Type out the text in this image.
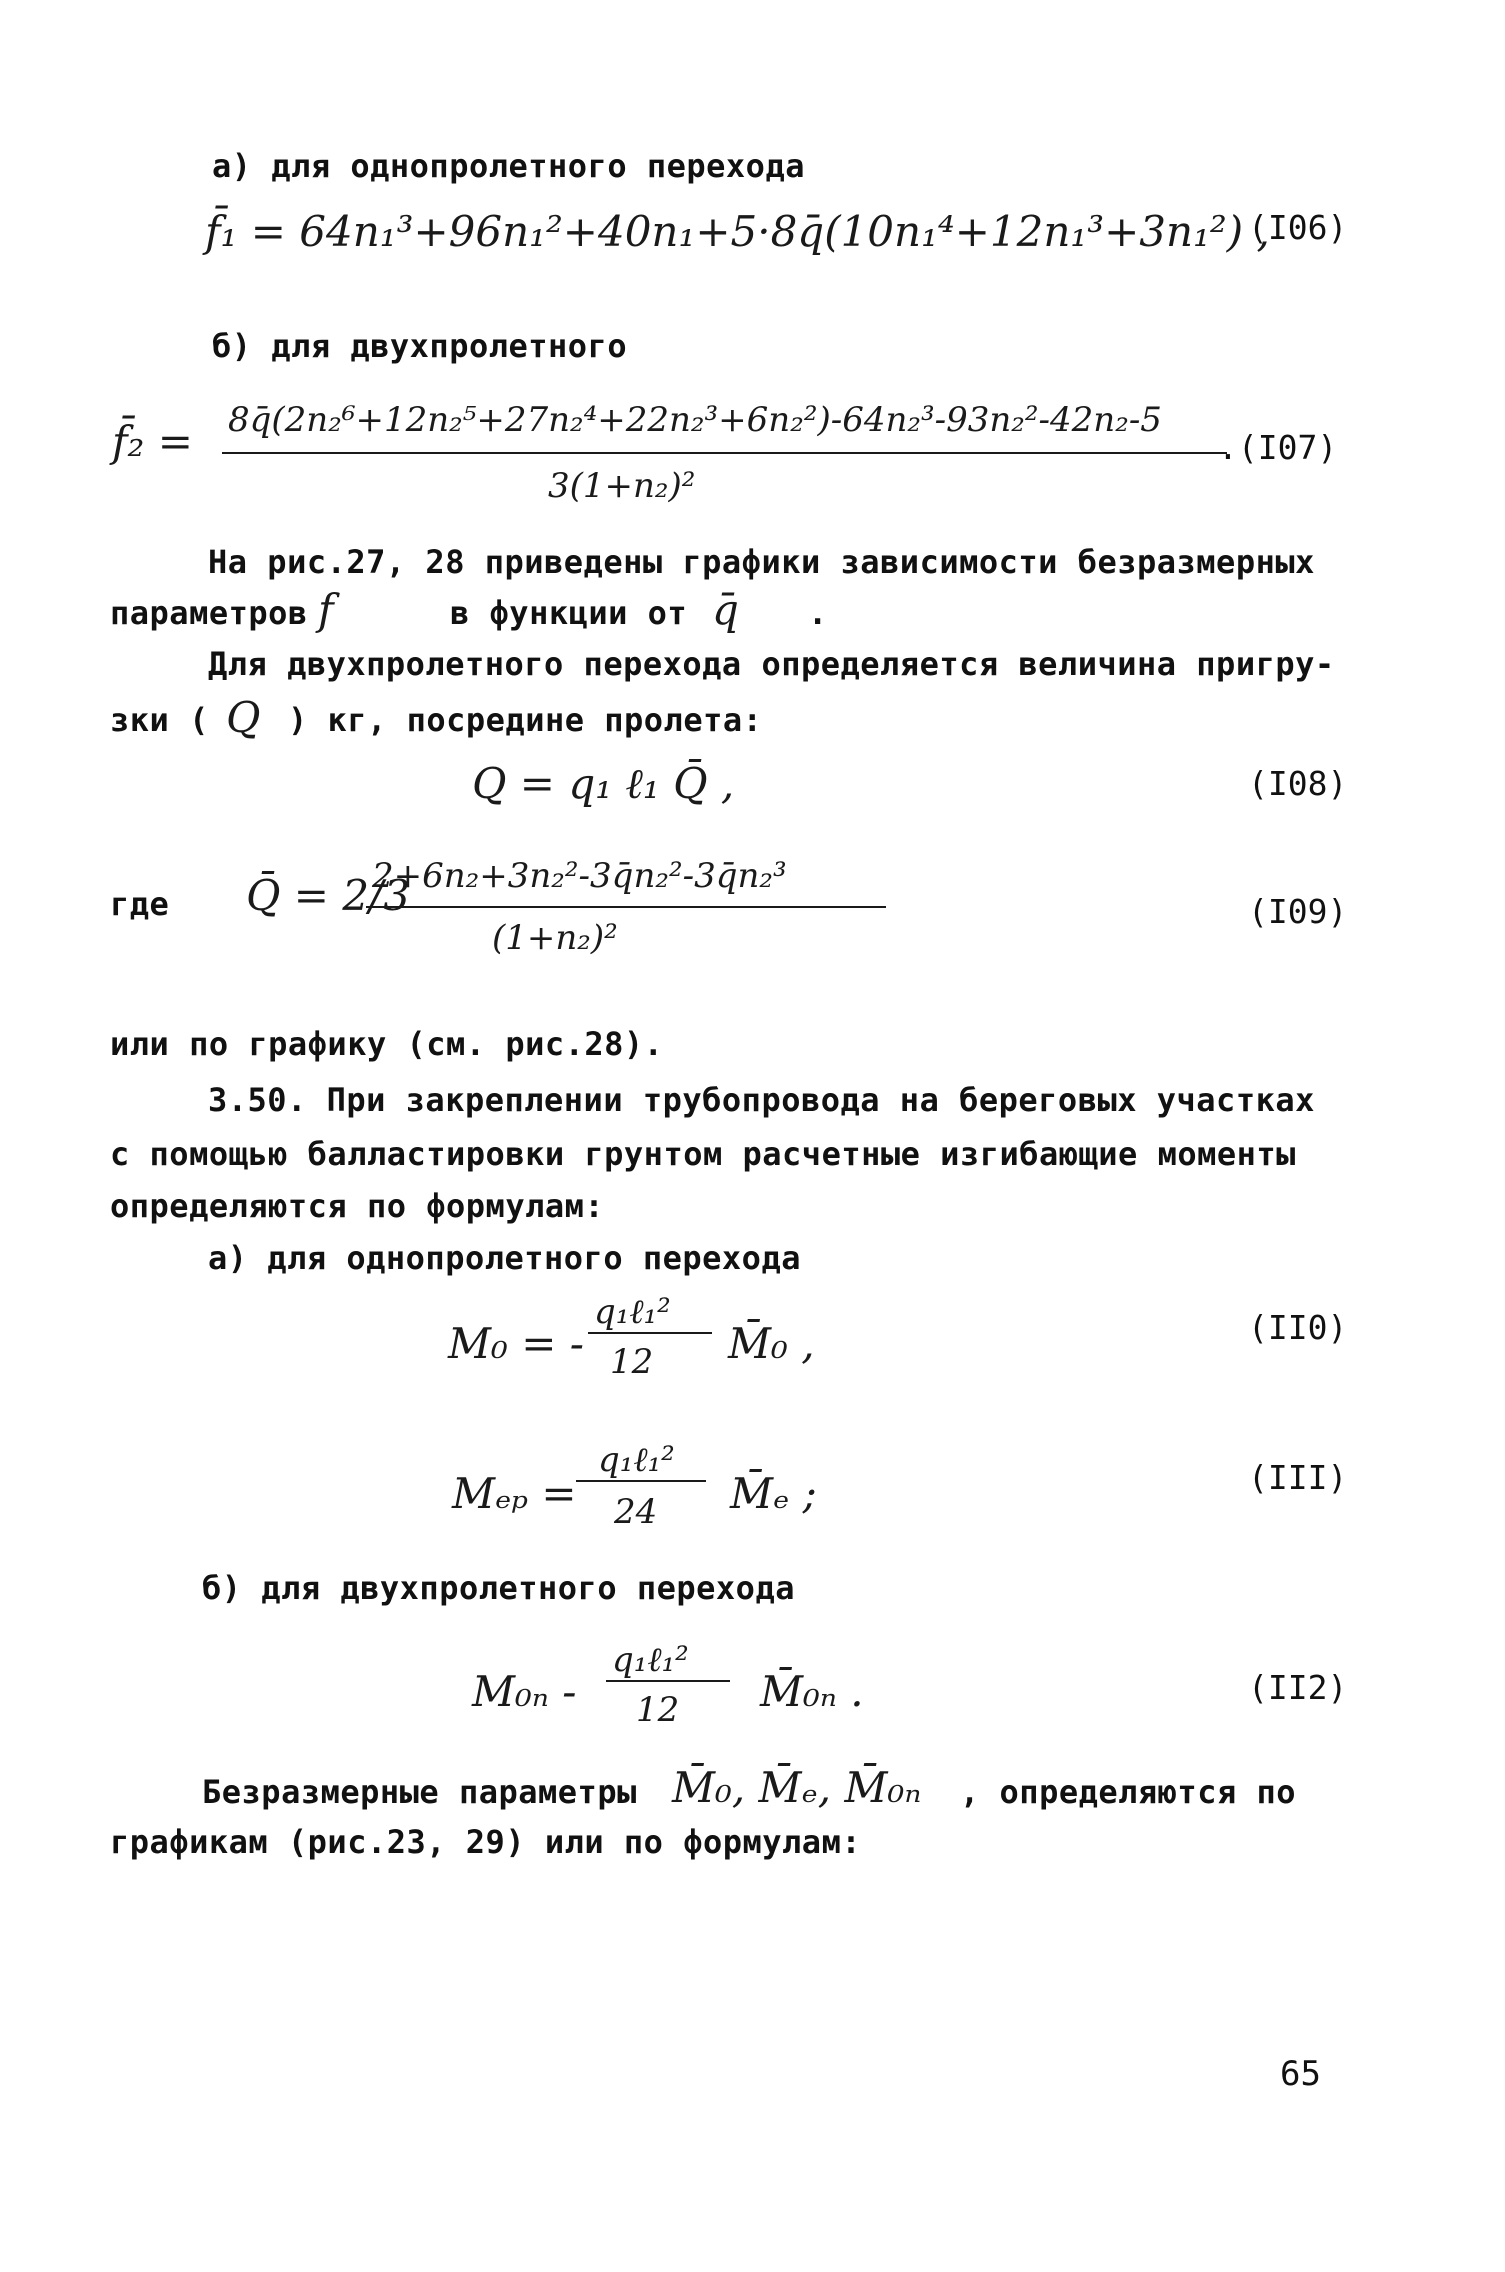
а) для однопролетного перехода
f̄₁ = 64n₁³+96n₁²+40n₁+5·8q̄(10n₁⁴+12n₁³+3n₁²) ,
(I06)
б) для двухпролетного
f̄₂ = 8q̄(2n₂⁶+12n₂⁵+27n₂⁴+22n₂³+6n₂²)-64n₂³-93n₂²-42n₂-5
3(1+n₂)²
.(I07)
На рис.27, 28 приведены графики зависимости безразмерных
параметров f	в функции от q̄ .
Для двухпролетного перехода определяется величина пригру-
зки ( Q ) кг, посредине пролета:
Q = q₁ ℓ₁ Q̄ ,	(I08)
где Q̄ = 2/3
2+6n₂+3n₂²-3q̄n₂²-3q̄n₂³
(1+n₂)²
(I09)
или по графику (см. рис.28).
3.50. При закреплении трубопровода на береговых участках
с помощью балластировки грунтом расчетные изгибающие моменты
определяются по формулам:
а) для однопролетного перехода
M₀ = -
q₁ℓ₁²
12 M̄₀ ,	(II0)
Mₑₚ =
q₁ℓ₁²
24 M̄ₑ ;	(III)
б) для двухпролетного перехода
M₀ₙ -
q₁ℓ₁²
12 M̄₀ₙ .	(II2)
Безразмерные параметры M̄₀, M̄ₑ, M̄₀ₙ , определяются по
графикам (рис.23, 29) или по формулам:
65
